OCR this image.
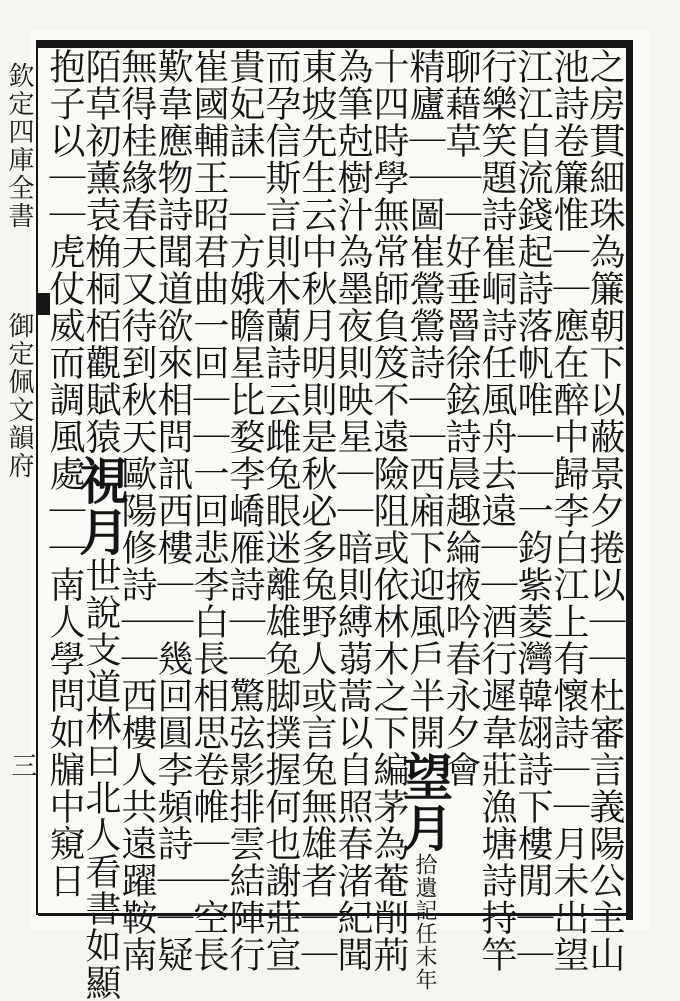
欽定四庫全書
御定佩文韻府
三	之房貫細珠為簾朝下以蔽景夕捲以｜｜杜審言義陽公主山
池詩卷簾惟｜｜應在醉中歸李白江上有懷詩｜｜月未出望
江江自流錢起詩落帆唯｜｜一鈞紫菱灣韓翃詩下樓閒｜｜
行樂笑題詩崔峒詩任風舟去遠｜｜酒行遲韋莊漁塘詩持竿
聊藉草｜｜好垂罾徐鉉詩晨趣綸掖吟春永夕會
精廬｜｜圖崔鶯鶯詩｜｜西廂下迎風戶半開望月拾遺記任末年
十四時學無常師負笈不遠險阻或依林木之下編茅為菴削荊
為筆尅樹汁為墨夜則映星｜｜暗則縛蒻蒿以自照春渚紀聞
東坡先生云中秋月明則是秋必多兔野人或言兔無雄者｜｜
而孕信斯言則木蘭詩云雌兔眼迷離雄兔脚撲握何也謝莊宣
貴妃誄｜｜方娥瞻星比婺李嶠雁詩｜｜驚弦影排雲結陣行
崔國輔王昭君曲一回｜｜一回悲李白長相思卷帷｜｜空長
歎韋應物詩聞道欲來相問訊西樓｜｜幾回圓李頻詩｜｜疑
無得桂緣春天又待到秋天歐陽修詩｜｜西樓人共遠躍鞍南
陌草初薰袁桷桐栢觀賦猿視月世說支道林曰北人看書如顯
抱子以｜｜虎仗威而調風處｜｜南人學問如牖中窺日
